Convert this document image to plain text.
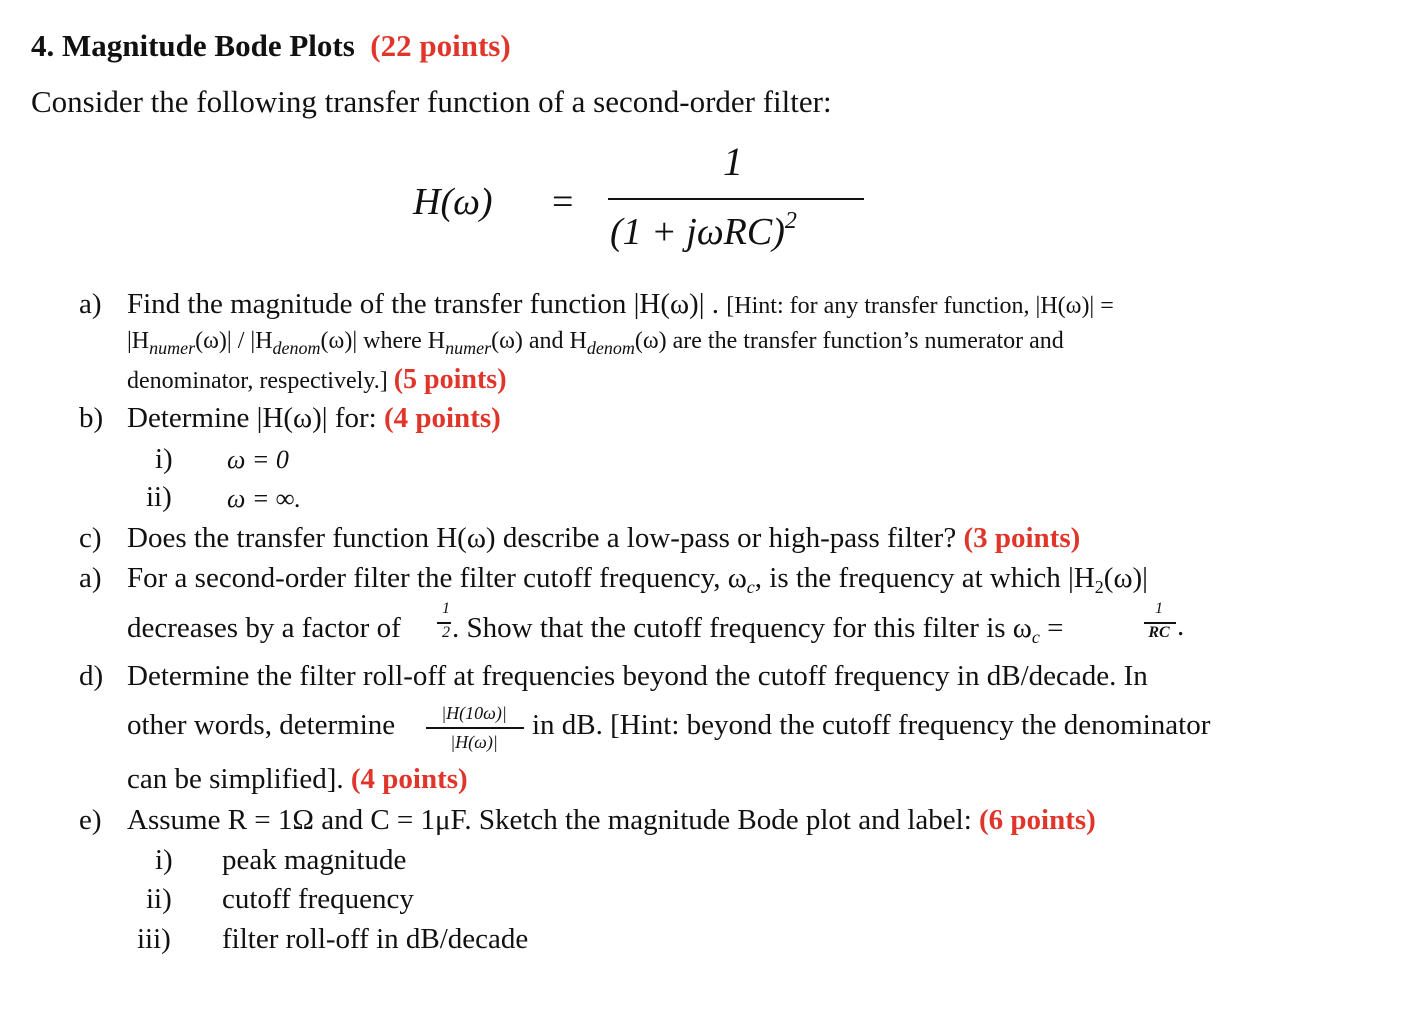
4. Magnitude Bode Plots (22 points)
Consider the following transfer function of a second-order filter:
H(ω) =
1
$(1 + j\omega RC)^2$
a) Find the magnitude of the transfer function |H(ω)| . [Hint: for any transfer function, |H(ω)| =
$|H_{numer}(\omega)| / |H_{denom}(\omega)|$ where $H_{numer}(\omega)$ and $H_{denom}(\omega)$ are the transfer function’s numerator and
denominator, respectively.] (5 points)
b) Determine |H(ω)| for: (4 points)
i) ω = 0
ii) ω = ∞.
c) Does the transfer function H(ω) describe a low-pass or high-pass filter? (3 points)
a) For a second-order filter the filter cutoff frequency, $\omega_c$, is the frequency at which $|H_2(\omega)|$
decreases by a factor of
1
2 . Show that the cutoff frequency for this filter is $\omega_c$ =
1
RC .
d) Determine the filter roll-off at frequencies beyond the cutoff frequency in dB/decade. In
other words, determine	|H(10ω)|
|H(ω)|
in dB. [Hint: beyond the cutoff frequency the denominator
can be simplified]. (4 points)
e) Assume R = 1Ω and C = 1μF. Sketch the magnitude Bode plot and label: (6 points)
i) peak magnitude
ii) cutoff frequency
iii) filter roll-off in dB/decade
